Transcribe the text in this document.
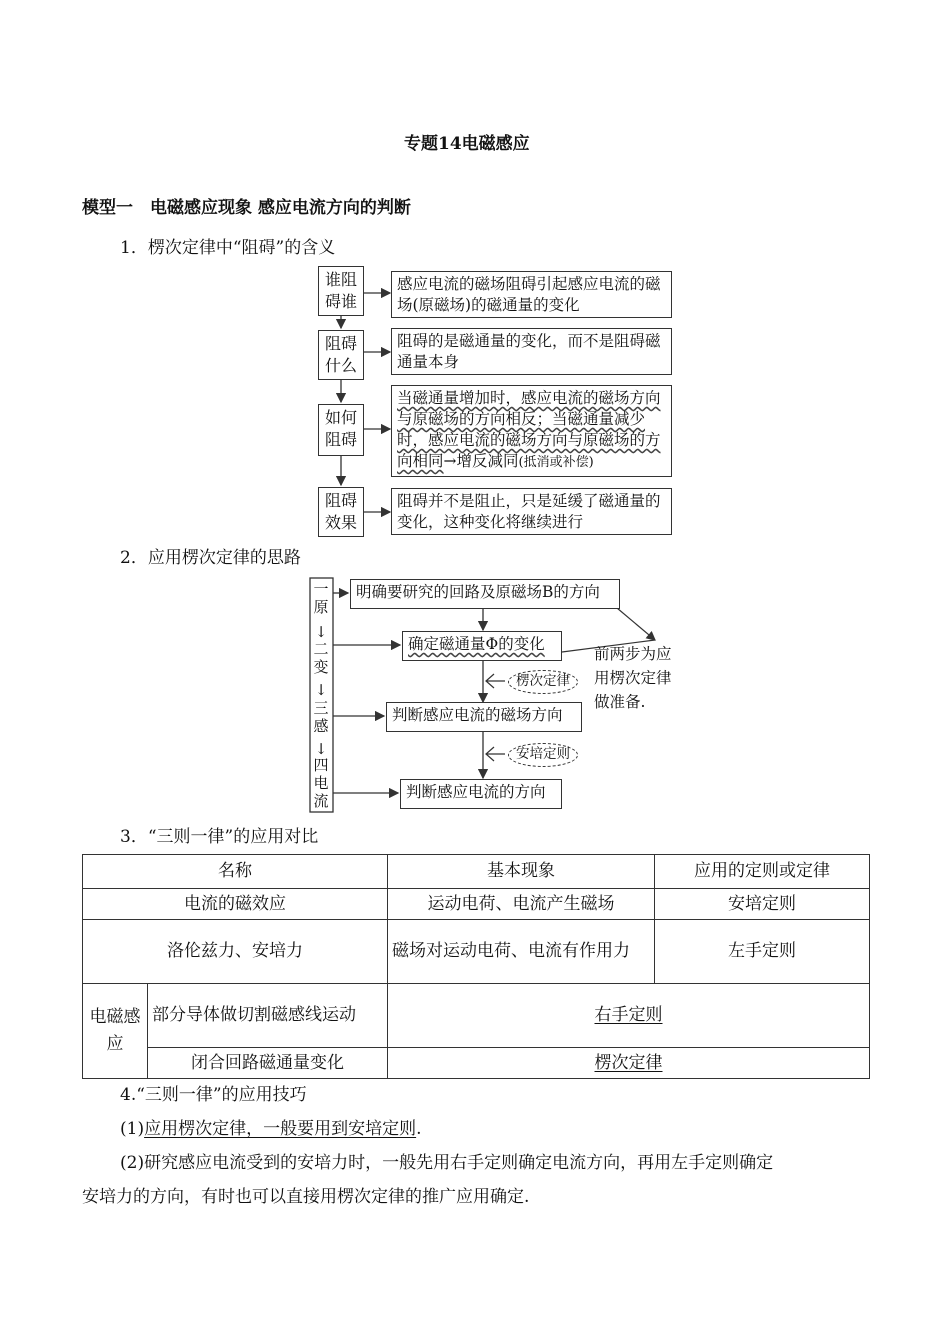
专题14电磁感应
模型一　电磁感应现象 感应电流方向的判断
1．楞次定律中“阻碍”的含义
谁阻碍谁
感应电流的磁场阻碍引起感应电流的磁场(原磁场)的磁通量的变化
阻碍什么
阻碍的是磁通量的变化，而不是阻碍磁通量本身
如何阻碍
当磁通量增加时，感应电流的磁场方向与原磁场的方向相反；当磁通量减少时，感应电流的磁场方向与原磁场的方向相同→增反减同(抵消或补偿)
阻碍效果
阻碍并不是阻止，只是延缓了磁通量的变化，这种变化将继续进行
2．应用楞次定律的思路
一原
↓
二变
↓
三感
↓
四电流
明确要研究的回路及原磁场B的方向
确定磁通量Φ的变化
楞次定律
判断感应电流的磁场方向
安培定则
判断感应电流的方向
前两步为应用楞次定律做准备.
3．“三则一律”的应用对比
名称		基本现象	应用的定则或定律
电流的磁效应		运动电荷、电流产生磁场	安培定则
洛伦兹力、安培力		磁场对运动电荷、电流有作用力	左手定则
电磁感应	部分导体做切割磁感线运动	右手定则	
	闭合回路磁通量变化	楞次定律	
4.“三则一律”的应用技巧
(1)应用楞次定律，一般要用到安培定则.
(2)研究感应电流受到的安培力时，一般先用右手定则确定电流方向，再用左手定则确定
安培力的方向，有时也可以直接用楞次定律的推广应用确定.
